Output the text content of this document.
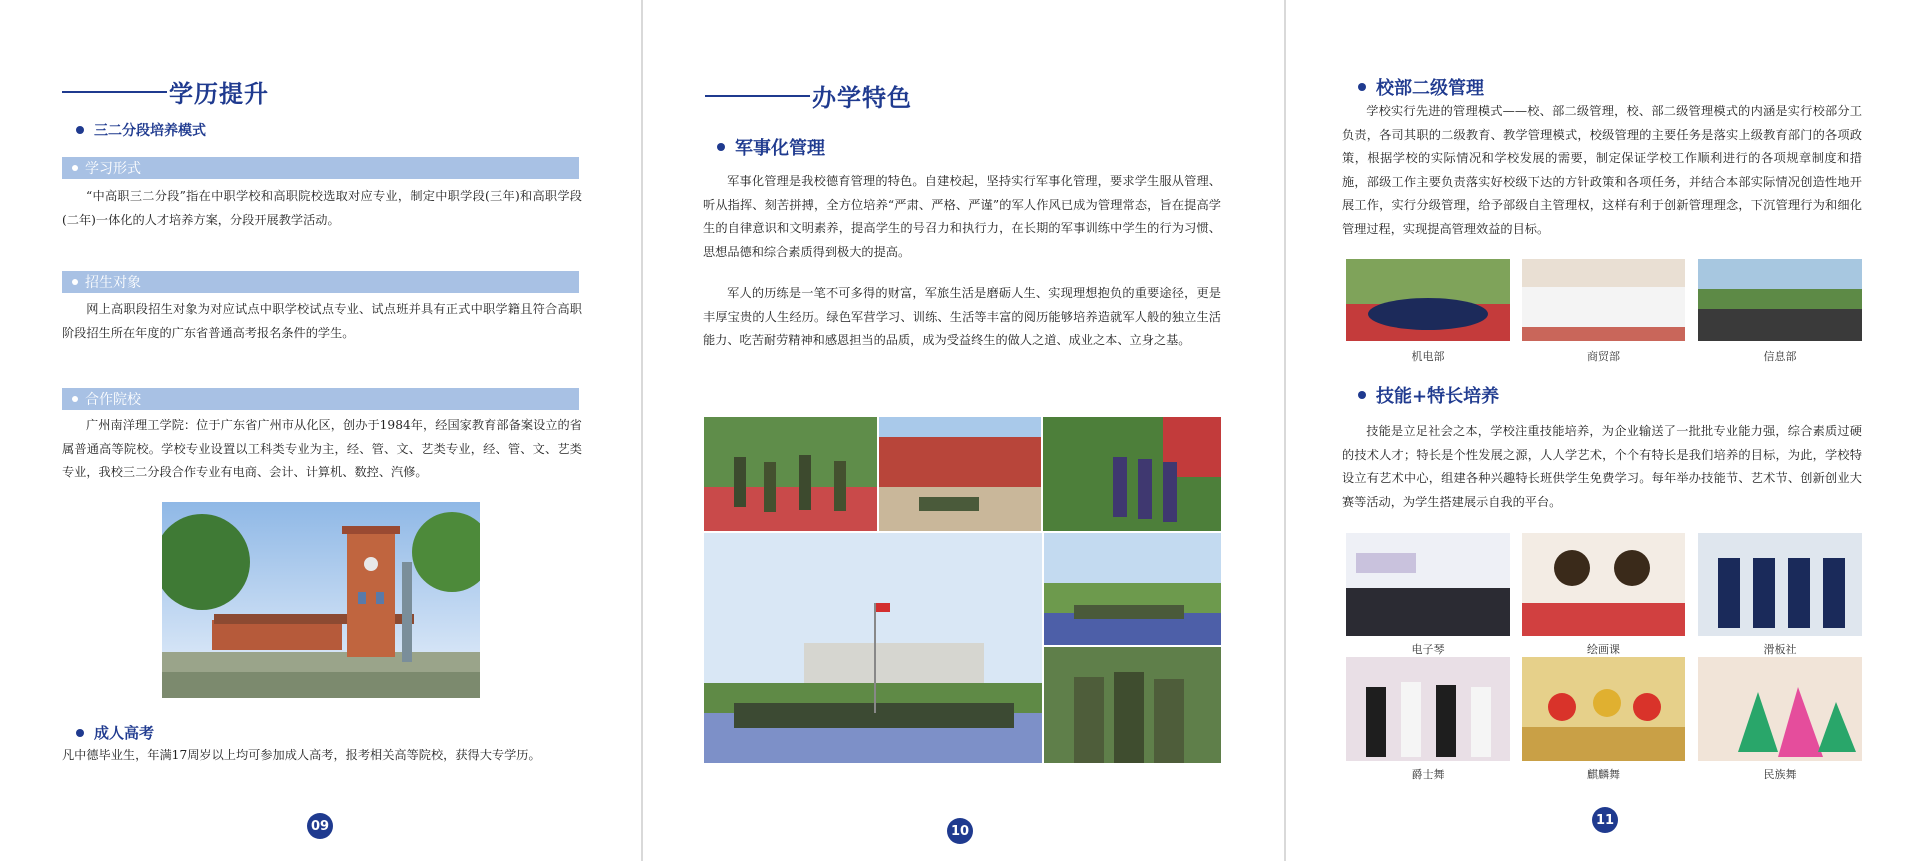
学历提升
三二分段培养模式
学习形式

“中高职三二分段”指在中职学校和高职院校选取对应专业，制定中职学段(三年)和高职学段(二年)一体化的人才培养方案，分段开展教学活动。

招生对象

网上高职段招生对象为对应试点中职学校试点专业、试点班并具有正式中职学籍且符合高职阶段招生所在年度的广东省普通高考报名条件的学生。

合作院校

广州南洋理工学院：位于广东省广州市从化区，创办于1984年，经国家教育部备案设立的省属普通高等院校。学校专业设置以工科类专业为主，经、管、文、艺类专业，经、管、文、艺类专业，我校三二分段合作专业有电商、会计、计算机、数控、汽修。

成人高考

凡中德毕业生，年满17周岁以上均可参加成人高考，报考相关高等院校，获得大专学历。

09
办学特色
军事化管理

军事化管理是我校德育管理的特色。自建校起，坚持实行军事化管理，要求学生服从管理、听从指挥、刻苦拼搏，全方位培养“严肃、严格、严谨”的军人作风已成为管理常态，旨在提高学生的自律意识和文明素养，提高学生的号召力和执行力，在长期的军事训练中学生的行为习惯、思想品德和综合素质得到极大的提高。

军人的历练是一笔不可多得的财富，军旅生活是磨砺人生、实现理想抱负的重要途径，更是丰厚宝贵的人生经历。绿色军营学习、训练、生活等丰富的阅历能够培养造就军人般的独立生活能力、吃苦耐劳精神和感恩担当的品质，成为受益终生的做人之道、成业之本、立身之基。

10
校部二级管理

学校实行先进的管理模式——校、部二级管理，校、部二级管理模式的内涵是实行校部分工负责，各司其职的二级教育、教学管理模式，校级管理的主要任务是落实上级教育部门的各项政策，根据学校的实际情况和学校发展的需要，制定保证学校工作顺利进行的各项规章制度和措施，部级工作主要负责落实好校级下达的方针政策和各项任务，并结合本部实际情况创造性地开展工作，实行分级管理，给予部级自主管理权，这样有利于创新管理理念，下沉管理行为和细化管理过程，实现提高管理效益的目标。

机电部	商贸部	信息部
技能+特长培养

技能是立足社会之本，学校注重技能培养，为企业输送了一批批专业能力强，综合素质过硬的技术人才；特长是个性发展之源，人人学艺术，个个有特长是我们培养的目标，为此，学校特设立有艺术中心，组建各种兴趣特长班供学生免费学习。每年举办技能节、艺术节、创新创业大赛等活动，为学生搭建展示自我的平台。

电子琴	绘画课	滑板社
爵士舞	麒麟舞	民族舞
11
